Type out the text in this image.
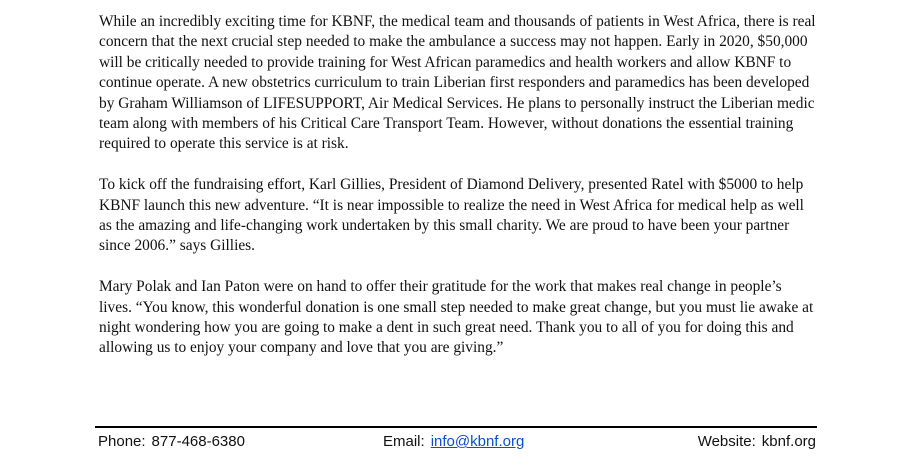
While an incredibly exciting time for KBNF, the medical team and thousands of patients in West Africa, there is real concern that the next crucial step needed to make the ambulance a success may not happen. Early in 2020, $50,000 will be critically needed to provide training for West African paramedics and health workers and allow KBNF to continue operate. A new obstetrics curriculum to train Liberian first responders and paramedics has been developed by Graham Williamson of LIFESUPPORT, Air Medical Services. He plans to personally instruct the Liberian medic team along with members of his Critical Care Transport Team. However, without donations the essential training required to operate this service is at risk.

To kick off the fundraising effort, Karl Gillies, President of Diamond Delivery, presented Ratel with $5000 to help KBNF launch this new adventure. “It is near impossible to realize the need in West Africa for medical help as well as the amazing and life-changing work undertaken by this small charity. We are proud to have been your partner since 2006.” says Gillies.

Mary Polak and Ian Paton were on hand to offer their gratitude for the work that makes real change in people’s lives. “You know, this wonderful donation is one small step needed to make great change, but you must lie awake at night wondering how you are going to make a dent in such great need. Thank you to all of you for doing this and allowing us to enjoy your company and love that you are giving.”

Phone: 877-468-6380	Email: info@kbnf.org	Website: kbnf.org
